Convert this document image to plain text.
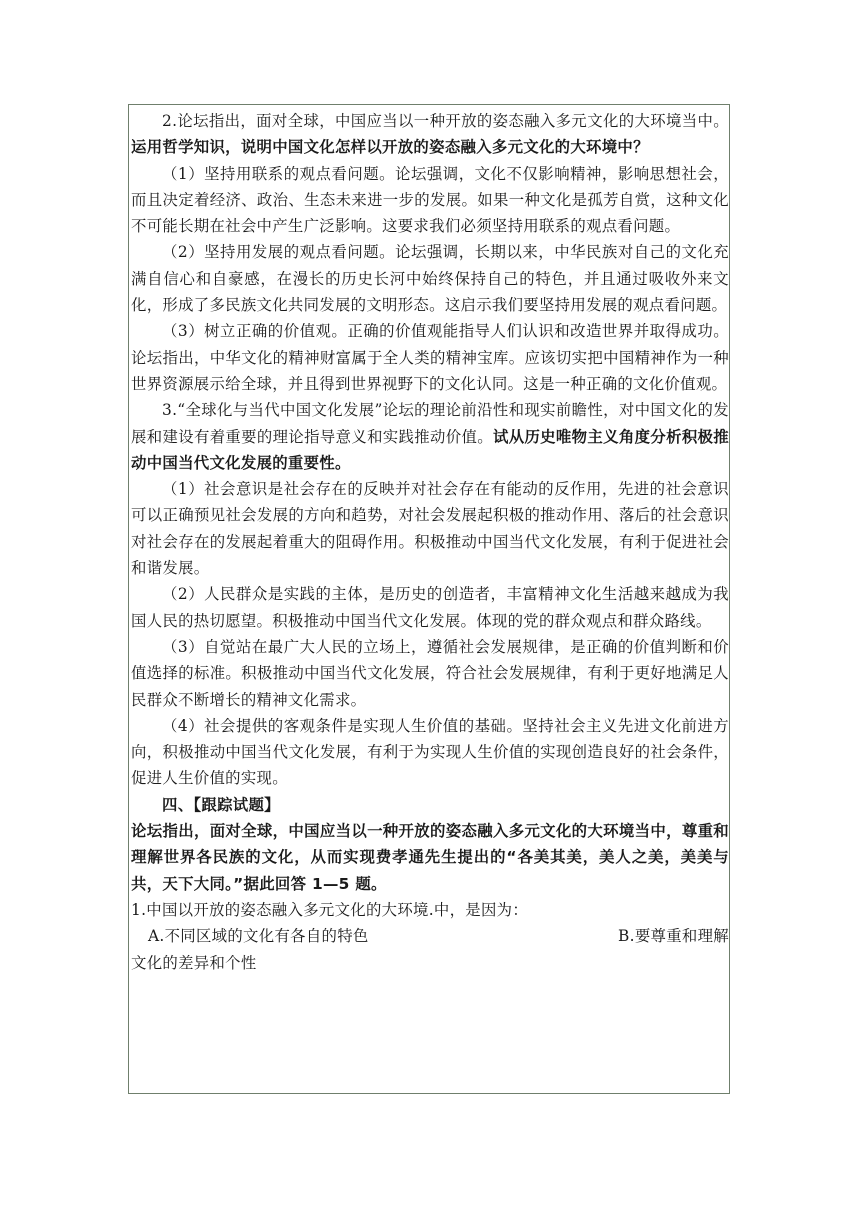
2.论坛指出，面对全球，中国应当以一种开放的姿态融入多元文化的大环境当中。运用哲学知识，说明中国文化怎样以开放的姿态融入多元文化的大环境中？

（1）坚持用联系的观点看问题。论坛强调，文化不仅影响精神，影响思想社会，而且决定着经济、政治、生态未来进一步的发展。如果一种文化是孤芳自赏，这种文化不可能长期在社会中产生广泛影响。这要求我们必须坚持用联系的观点看问题。

（2）坚持用发展的观点看问题。论坛强调，长期以来，中华民族对自己的文化充满自信心和自豪感，在漫长的历史长河中始终保持自己的特色，并且通过吸收外来文化，形成了多民族文化共同发展的文明形态。这启示我们要坚持用发展的观点看问题。

（3）树立正确的价值观。正确的价值观能指导人们认识和改造世界并取得成功。论坛指出，中华文化的精神财富属于全人类的精神宝库。应该切实把中国精神作为一种世界资源展示给全球，并且得到世界视野下的文化认同。这是一种正确的文化价值观。

3.“全球化与当代中国文化发展”论坛的理论前沿性和现实前瞻性，对中国文化的发展和建设有着重要的理论指导意义和实践推动价值。试从历史唯物主义角度分析积极推动中国当代文化发展的重要性。

（1）社会意识是社会存在的反映并对社会存在有能动的反作用，先进的社会意识可以正确预见社会发展的方向和趋势，对社会发展起积极的推动作用、落后的社会意识对社会存在的发展起着重大的阻碍作用。积极推动中国当代文化发展，有利于促进社会和谐发展。

（2）人民群众是实践的主体，是历史的创造者，丰富精神文化生活越来越成为我国人民的热切愿望。积极推动中国当代文化发展。体现的党的群众观点和群众路线。

（3）自觉站在最广大人民的立场上，遵循社会发展规律，是正确的价值判断和价值选择的标准。积极推动中国当代文化发展，符合社会发展规律，有利于更好地满足人民群众不断增长的精神文化需求。

（4）社会提供的客观条件是实现人生价值的基础。坚持社会主义先进文化前进方向，积极推动中国当代文化发展，有利于为实现人生价值的实现创造良好的社会条件，促进人生价值的实现。

四、【跟踪试题】

论坛指出，面对全球，中国应当以一种开放的姿态融入多元文化的大环境当中，尊重和理解世界各民族的文化，从而实现费孝通先生提出的“各美其美，美人之美，美美与共，天下大同。”据此回答 1—5 题。

1.中国以开放的姿态融入多元文化的大环境.中，是因为：

A.不同区域的文化有各自的特色	B.要尊重和理解

文化的差异和个性
